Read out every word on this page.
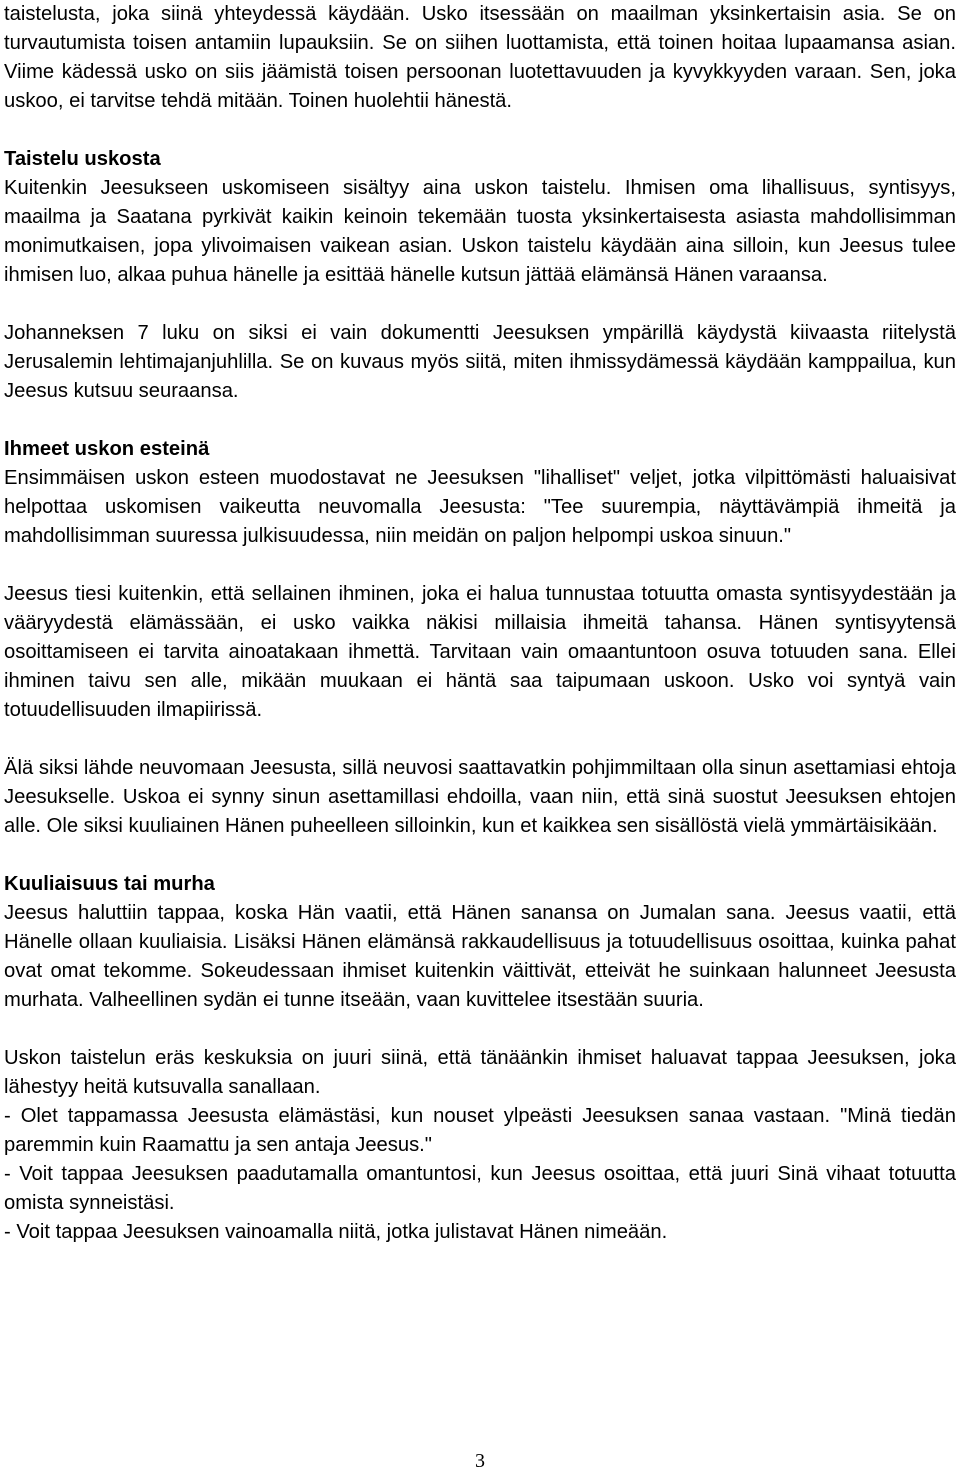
taistelusta, joka siinä yhteydessä käydään. Usko itsessään on maailman yksinkertaisin asia. Se on turvautumista toisen antamiin lupauksiin. Se on siihen luottamista, että toinen hoitaa lupaamansa asian. Viime kädessä usko on siis jäämistä toisen persoonan luotettavuuden ja kyvykkyyden varaan. Sen, joka uskoo, ei tarvitse tehdä mitään. Toinen huolehtii hänestä.

Taistelu uskosta

Kuitenkin Jeesukseen uskomiseen sisältyy aina uskon taistelu. Ihmisen oma lihallisuus, syntisyys, maailma ja Saatana pyrkivät kaikin keinoin tekemään tuosta yksinkertaisesta asiasta mahdollisimman monimutkaisen, jopa ylivoimaisen vaikean asian. Uskon taistelu käydään aina silloin, kun Jeesus tulee ihmisen luo, alkaa puhua hänelle ja esittää hänelle kutsun jättää elämänsä Hänen varaansa.

Johanneksen 7 luku on siksi ei vain dokumentti Jeesuksen ympärillä käydystä kiivaasta riitelystä Jerusalemin lehtimajanjuhlilla. Se on kuvaus myös siitä, miten ihmissydämessä käydään kamppailua, kun Jeesus kutsuu seuraansa.

Ihmeet uskon esteinä

Ensimmäisen uskon esteen muodostavat ne Jeesuksen "lihalliset" veljet, jotka vilpittömästi haluaisivat helpottaa uskomisen vaikeutta neuvomalla Jeesusta: "Tee suurempia, näyttävämpiä ihmeitä ja mahdollisimman suuressa julkisuudessa, niin meidän on paljon helpompi uskoa sinuun."

Jeesus tiesi kuitenkin, että sellainen ihminen, joka ei halua tunnustaa totuutta omasta syntisyydestään ja vääryydestä elämässään, ei usko vaikka näkisi millaisia ihmeitä tahansa. Hänen syntisyytensä osoittamiseen ei tarvita ainoatakaan ihmettä. Tarvitaan vain omaantuntoon osuva totuuden sana. Ellei ihminen taivu sen alle, mikään muukaan ei häntä saa taipumaan uskoon. Usko voi syntyä vain totuudellisuuden ilmapiirissä.

Älä siksi lähde neuvomaan Jeesusta, sillä neuvosi saattavatkin pohjimmiltaan olla sinun asettamiasi ehtoja Jeesukselle. Uskoa ei synny sinun asettamillasi ehdoilla, vaan niin, että sinä suostut Jeesuksen ehtojen alle. Ole siksi kuuliainen Hänen puheelleen silloinkin, kun et kaikkea sen sisällöstä vielä ymmärtäisikään.

Kuuliaisuus tai murha

Jeesus haluttiin tappaa, koska Hän vaatii, että Hänen sanansa on Jumalan sana. Jeesus vaatii, että Hänelle ollaan kuuliaisia. Lisäksi Hänen elämänsä rakkaudellisuus ja totuudellisuus osoittaa, kuinka pahat ovat omat tekomme. Sokeudessaan ihmiset kuitenkin väittivät, etteivät he suinkaan halunneet Jeesusta murhata. Valheellinen sydän ei tunne itseään, vaan kuvittelee itsestään suuria.

Uskon taistelun eräs keskuksia on juuri siinä, että tänäänkin ihmiset haluavat tappaa Jeesuksen, joka lähestyy heitä kutsuvalla sanallaan.

- Olet tappamassa Jeesusta elämästäsi, kun nouset ylpeästi Jeesuksen sanaa vastaan. "Minä tiedän paremmin kuin Raamattu ja sen antaja Jeesus."

- Voit tappaa Jeesuksen paadutamalla omantuntosi, kun Jeesus osoittaa, että juuri Sinä vihaat totuutta omista synneistäsi.

- Voit tappaa Jeesuksen vainoamalla niitä, jotka julistavat Hänen nimeään.

3
